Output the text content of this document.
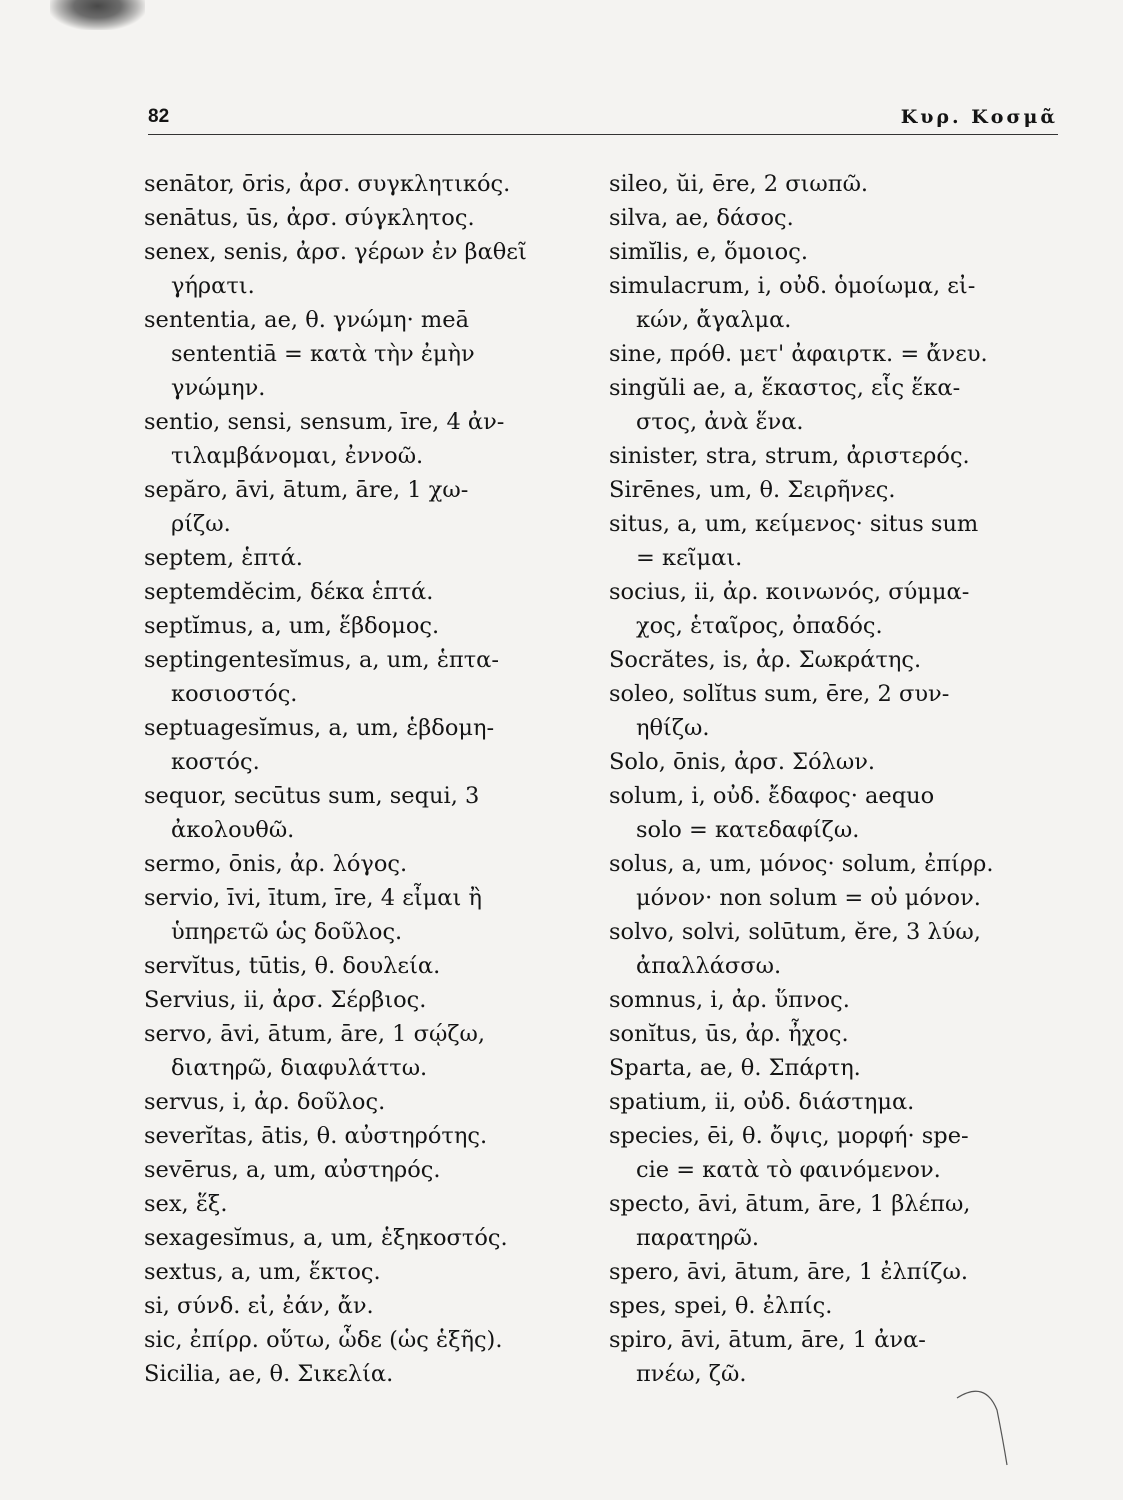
82	Κυρ. Κοσμᾶ
senātor, ōris, ἀρσ. συγκλητικός.
senātus, ūs, ἀρσ. σύγκλητος.
senex, senis, ἀρσ. γέρων ἐν βαθεῖ
γήρατι.
sententia, ae, θ. γνώμη· meā
sententiā = κατὰ τὴν ἐμὴν
γνώμην.
sentio, sensi, sensum, īre, 4 ἀν-
τιλαμβάνομαι, ἐννοῶ.
sepăro, āvi, ātum, āre, 1 χω-
ρίζω.
septem, ἑπτά.
septemdĕcim, δέκα ἑπτά.
septĭmus, a, um, ἕβδομος.
septingentesĭmus, a, um, ἑπτα-
κοσιοστός.
septuagesĭmus, a, um, ἑβδομη-
κοστός.
sequor, secūtus sum, sequi, 3
ἀκολουθῶ.
sermo, ōnis, ἀρ. λόγος.
servio, īvi, ītum, īre, 4 εἶμαι ἢ
ὑπηρετῶ ὡς δοῦλος.
servĭtus, tūtis, θ. δουλεία.
Servius, ii, ἀρσ. Σέρβιος.
servo, āvi, ātum, āre, 1 σῴζω,
διατηρῶ, διαφυλάττω.
servus, i, ἀρ. δοῦλος.
severĭtas, ātis, θ. αὐστηρότης.
sevērus, a, um, αὐστηρός.
sex, ἕξ.
sexagesĭmus, a, um, ἑξηκοστός.
sextus, a, um, ἕκτος.
si, σύνδ. εἰ, ἐάν, ἄν.
sic, ἐπίρρ. οὕτω, ὧδε (ὡς ἑξῆς).
Sicilia, ae, θ. Σικελία.
sileo, ŭi, ēre, 2 σιωπῶ.
silva, ae, δάσος.
simĭlis, e, ὅμοιος.
simulacrum, i, οὐδ. ὁμοίωμα, εἰ-
κών, ἄγαλμα.
sine, πρόθ. μετ' ἀφαιρτκ. = ἄνευ.
singŭli ae, a, ἕκαστος, εἷς ἕκα-
στος, ἀνὰ ἕνα.
sinister, stra, strum, ἀριστερός.
Sirēnes, um, θ. Σειρῆνες.
situs, a, um, κείμενος· situs sum
= κεῖμαι.
socius, ii, ἀρ. κοινωνός, σύμμα-
χος, ἑταῖρος, ὀπαδός.
Socrătes, is, ἀρ. Σωκράτης.
soleo, solĭtus sum, ēre, 2 συν-
ηθίζω.
Solo, ōnis, ἀρσ. Σόλων.
solum, i, οὐδ. ἔδαφος· aequo
solo = κατεδαφίζω.
solus, a, um, μόνος· solum, ἐπίρρ.
μόνον· non solum = οὐ μόνον.
solvo, solvi, solūtum, ĕre, 3 λύω,
ἀπαλλάσσω.
somnus, i, ἀρ. ὕπνος.
sonĭtus, ūs, ἀρ. ἦχος.
Sparta, ae, θ. Σπάρτη.
spatium, ii, οὐδ. διάστημα.
species, ēi, θ. ὄψις, μορφή· spe-
cie = κατὰ τὸ φαινόμενον.
specto, āvi, ātum, āre, 1 βλέπω,
παρατηρῶ.
spero, āvi, ātum, āre, 1 ἐλπίζω.
spes, spei, θ. ἐλπίς.
spiro, āvi, ātum, āre, 1 ἀνα-
πνέω, ζῶ.
